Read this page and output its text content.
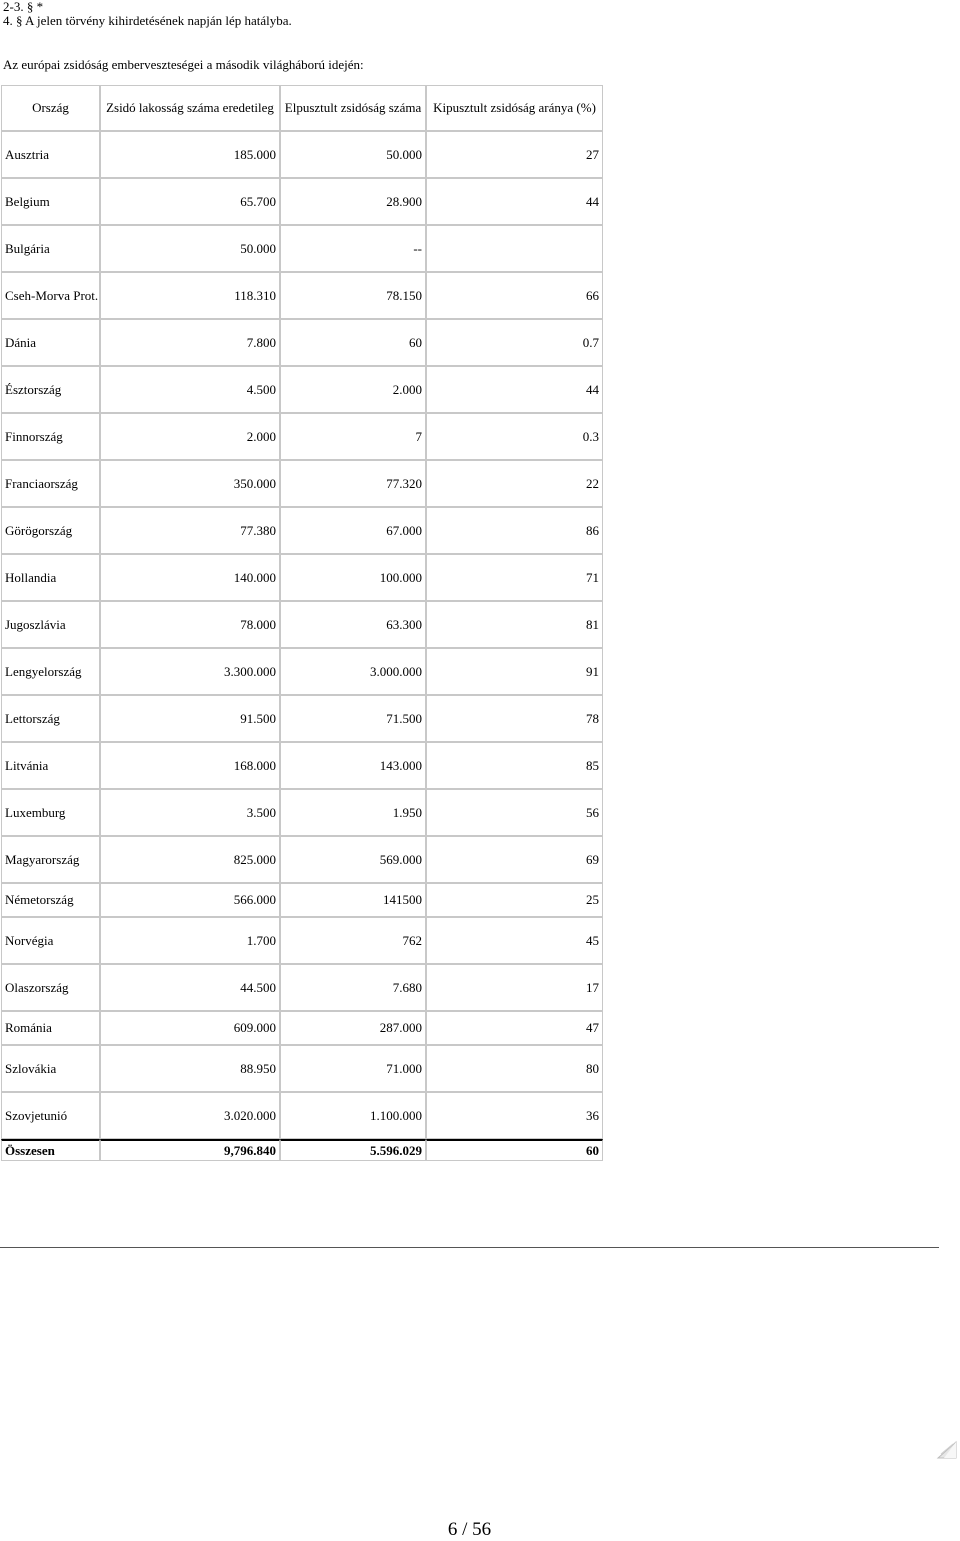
2-3. § *
4. § A jelen törvény kihirdetésének napján lép hatályba.
Az európai zsidóság emberveszteségei a második világháború idején:
Ország	Zsidó lakosság száma eredetileg	Elpusztult zsidóság száma	Kipusztult zsidóság aránya (%)
Ausztria	185.000	50.000	27
Belgium	65.700	28.900	44
Bulgária	50.000	--	
Cseh-Morva Prot.	118.310	78.150	66
Dánia	7.800	60	0.7
Észtország	4.500	2.000	44
Finnország	2.000	7	0.3
Franciaország	350.000	77.320	22
Görögország	77.380	67.000	86
Hollandia	140.000	100.000	71
Jugoszlávia	78.000	63.300	81
Lengyelország	3.300.000	3.000.000	91
Lettország	91.500	71.500	78
Litvánia	168.000	143.000	85
Luxemburg	3.500	1.950	56
Magyarország	825.000	569.000	69
Németország	566.000	141500	25
Norvégia	1.700	762	45
Olaszország	44.500	7.680	17
Románia	609.000	287.000	47
Szlovákia	88.950	71.000	80
Szovjetunió	3.020.000	1.100.000	36
Összesen	9,796.840	5.596.029	60
6 / 56
